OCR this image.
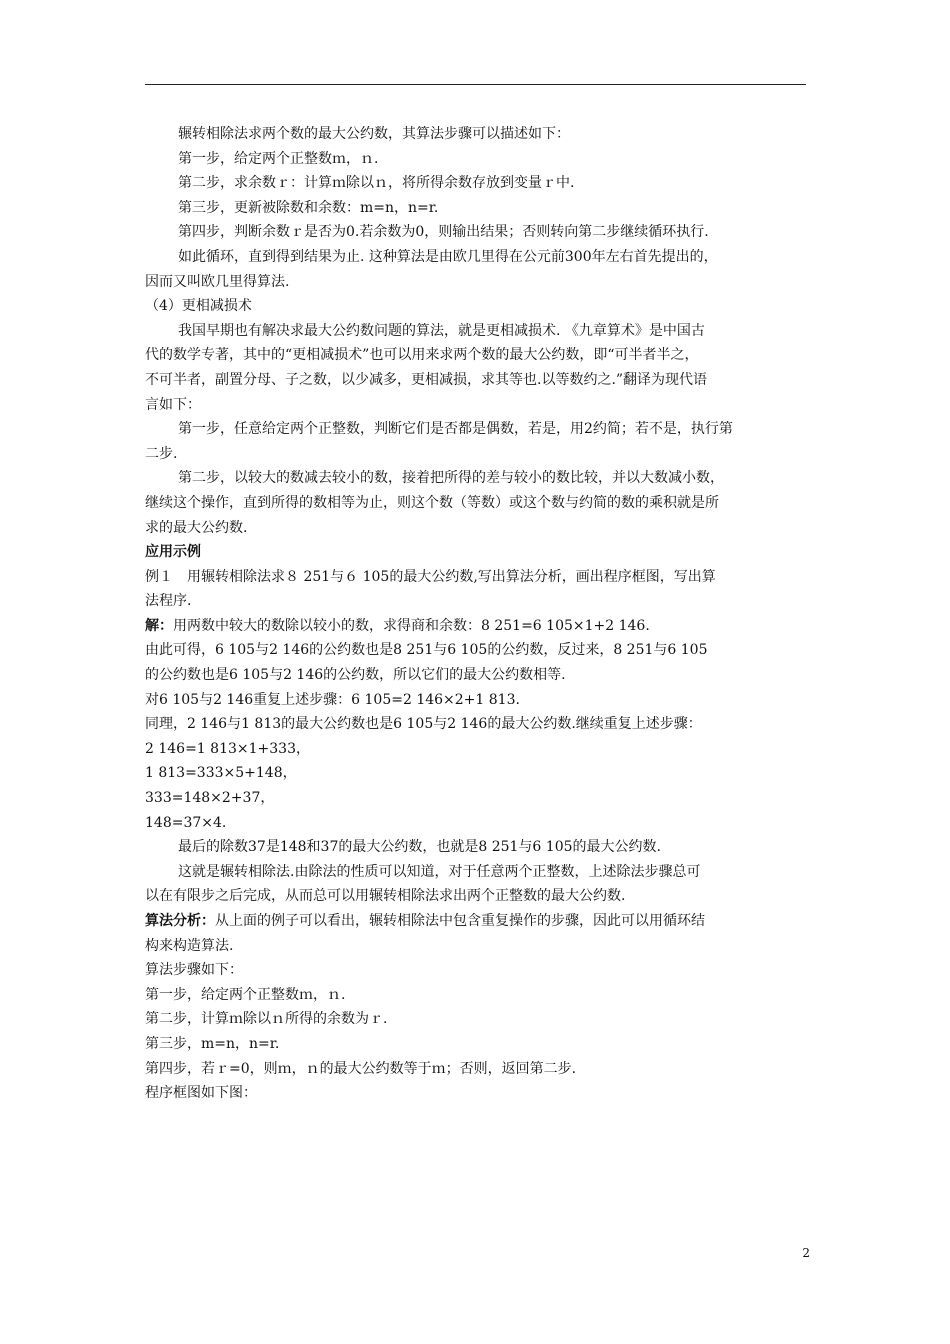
辗转相除法求两个数的最大公约数，其算法步骤可以描述如下：

第一步，给定两个正整数ｍ，ｎ.

第二步，求余数ｒ：计算ｍ除以ｎ，将所得余数存放到变量ｒ中.

第三步，更新被除数和余数：m=n，n=r.

第四步，判断余数ｒ是否为0.若余数为0，则输出结果；否则转向第二步继续循环执行.

如此循环，直到得到结果为止. 这种算法是由欧几里得在公元前300年左右首先提出的，

因而又叫欧几里得算法.

（4）更相减损术

我国早期也有解决求最大公约数问题的算法，就是更相减损术. 《九章算术》是中国古

代的数学专著，其中的“更相减损术”也可以用来求两个数的最大公约数，即“可半者半之，

不可半者，副置分母、子之数，以少减多，更相减损，求其等也.以等数约之.”翻译为现代语

言如下：

第一步，任意给定两个正整数，判断它们是否都是偶数，若是，用2约简；若不是，执行第

二步.

第二步，以较大的数减去较小的数，接着把所得的差与较小的数比较，并以大数减小数，

继续这个操作，直到所得的数相等为止，则这个数（等数）或这个数与约简的数的乘积就是所

求的最大公约数.

应用示例

例１　用辗转相除法求８ 251与６ 105的最大公约数,写出算法分析，画出程序框图，写出算

法程序.

解：用两数中较大的数除以较小的数，求得商和余数：8 251=6 105×1+2 146.

由此可得，6 105与2 146的公约数也是8 251与6 105的公约数，反过来，8 251与6 105

的公约数也是6 105与2 146的公约数，所以它们的最大公约数相等.

对6 105与2 146重复上述步骤：6 105=2 146×2+1 813.

同理，2 146与1 813的最大公约数也是6 105与2 146的最大公约数.继续重复上述步骤：

2 146=1 813×1+333，

1 813=333×5+148，

333=148×2+37，

148=37×4.

最后的除数37是148和37的最大公约数，也就是8 251与6 105的最大公约数.

这就是辗转相除法.由除法的性质可以知道，对于任意两个正整数，上述除法步骤总可

以在有限步之后完成，从而总可以用辗转相除法求出两个正整数的最大公约数.

算法分析：从上面的例子可以看出，辗转相除法中包含重复操作的步骤，因此可以用循环结

构来构造算法.

算法步骤如下：

第一步，给定两个正整数ｍ，ｎ.

第二步，计算ｍ除以ｎ所得的余数为ｒ.

第三步，m=n，n=r.

第四步，若ｒ=0，则ｍ，ｎ的最大公约数等于ｍ；否则，返回第二步.

程序框图如下图：

2
